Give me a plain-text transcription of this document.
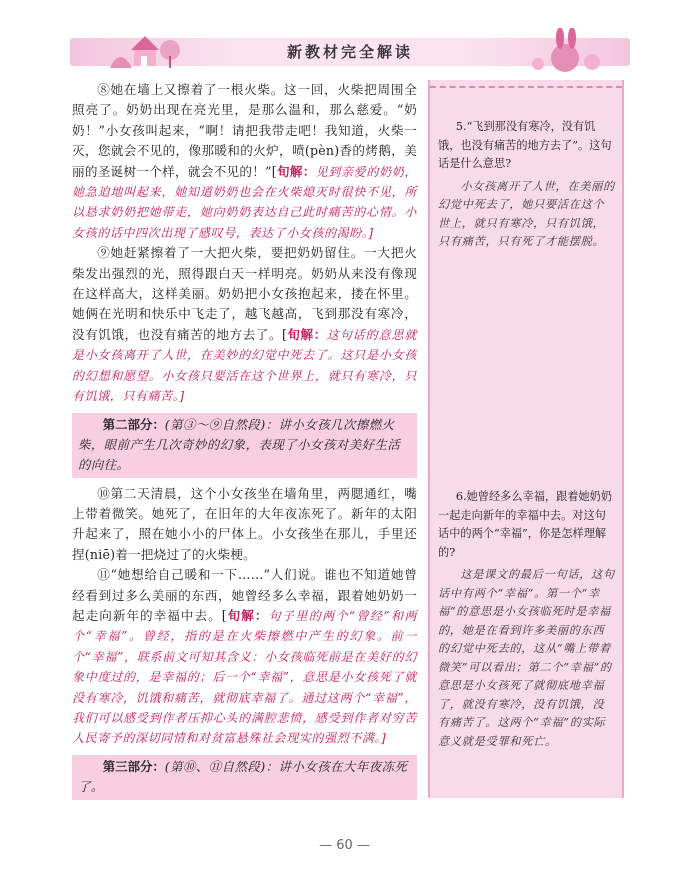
新教材完全解读
5.“飞到那没有寒冷，没有饥饿，也没有痛苦的地方去了”。这句话是什么意思?
小女孩离开了人世，在美丽的幻觉中死去了，她只要活在这个世上，就只有寒冷，只有饥饿，只有痛苦，只有死了才能摆脱。
6.她曾经多么幸福，跟着她奶奶一起走向新年的幸福中去。对这句话中的两个“幸福”，你是怎样理解的?
这是课文的最后一句话，这句话中有两个“幸福”。第一个“幸福”的意思是小女孩临死时是幸福的，她是在看到许多美丽的东西的幻觉中死去的，这从“嘴上带着微笑”可以看出；第二个“幸福”的意思是小女孩死了就彻底地幸福了，就没有寒冷，没有饥饿，没有痛苦了。这两个“幸福”的实际意义就是受罪和死亡。

⑧她在墙上又擦着了一根火柴。这一回，火柴把周围全照亮了。奶奶出现在亮光里，是那么温和，那么慈爱。“奶奶！”小女孩叫起来，“啊！请把我带走吧！我知道，火柴一灭，您就会不见的，像那暖和的火炉，喷(pèn)香的烤鹅，美丽的圣诞树一个样，就会不见的！”[旬解：见到亲爱的奶奶，她急迫地叫起来，她知道奶奶也会在火柴熄灭时很快不见，所以恳求奶奶把她带走，她向奶奶表达自己此时痛苦的心情。小女孩的话中四次出现了感叹号，表达了小女孩的渴盼。]

⑨她赶紧擦着了一大把火柴，要把奶奶留住。一大把火柴发出强烈的光，照得跟白天一样明亮。奶奶从来没有像现在这样高大，这样美丽。奶奶把小女孩抱起来，搂在怀里。她俩在光明和快乐中飞走了，越飞越高，飞到那没有寒冷，没有饥饿，也没有痛苦的地方去了。[旬解：这句话的意思就是小女孩离开了人世，在美妙的幻觉中死去了。这只是小女孩的幻想和愿望。小女孩只要活在这个世界上，就只有寒冷，只有饥饿，只有痛苦。]

第二部分：(第③～⑨自然段)：讲小女孩几次擦燃火柴，眼前产生几次奇妙的幻象，表现了小女孩对美好生活的向往。

⑩第二天清晨，这个小女孩坐在墙角里，两腮通红，嘴上带着微笑。她死了，在旧年的大年夜冻死了。新年的太阳升起来了，照在她小小的尸体上。小女孩坐在那儿，手里还捏(niē)着一把烧过了的火柴梗。

⑪“她想给自己暖和一下……”人们说。谁也不知道她曾经看到过多么美丽的东西，她曾经多么幸福，跟着她奶奶一起走向新年的幸福中去。[旬解：句子里的两个“曾经”和两个“幸福”。曾经，指的是在火柴擦燃中产生的幻象。前一个“幸福”，联系前文可知其含义：小女孩临死前是在美好的幻象中度过的，是幸福的；后一个“幸福”，意思是小女孩死了就没有寒冷，饥饿和痛苦，就彻底幸福了。通过这两个“幸福”，我们可以感受到作者压抑心头的满腔悲愤，感受到作者对穷苦人民寄予的深切同情和对贫富悬殊社会现实的强烈不满。]

第三部分：(第⑩、⑪自然段)：讲小女孩在大年夜冻死了。
— 60 —
